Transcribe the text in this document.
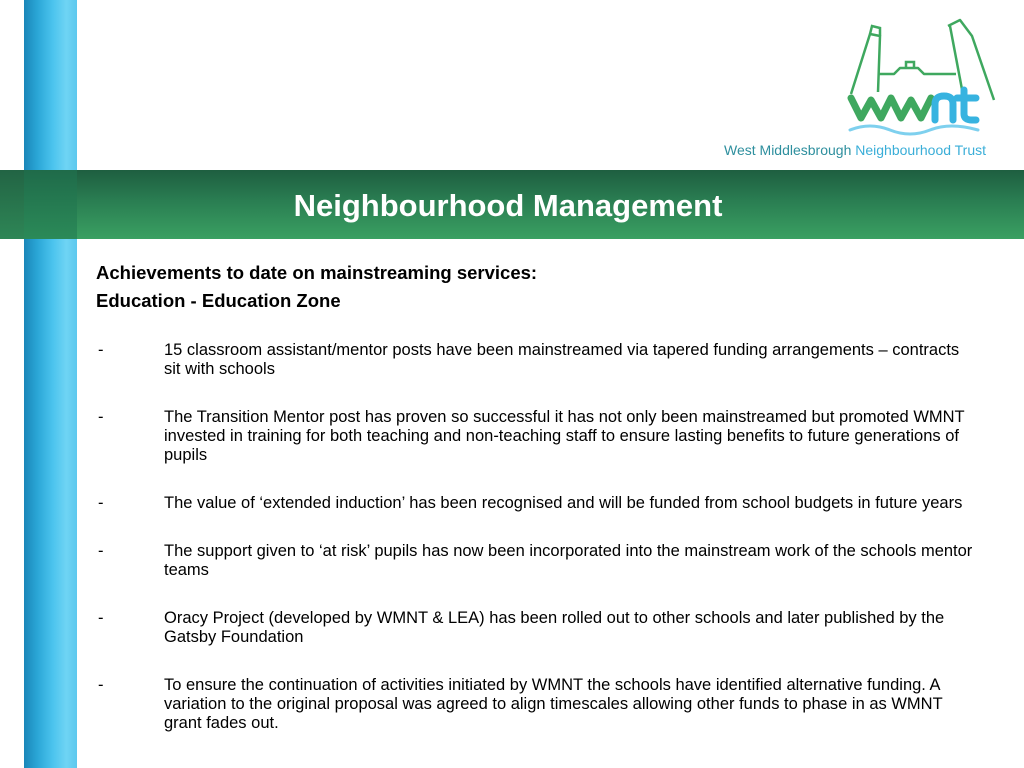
Neighbourhood Management
West Middlesbrough Neighbourhood Trust
Achievements to date on mainstreaming services:
Education - Education Zone
-	15 classroom assistant/mentor posts have been mainstreamed via tapered funding arrangements – contracts sit with schools
-	The Transition Mentor post has proven so successful it has not only been mainstreamed but promoted WMNT invested in training for both teaching and non-teaching staff to ensure lasting benefits to future generations of pupils
-	The value of ‘extended induction’ has been recognised and will be funded from school budgets in future years
-	The support given to ‘at risk’ pupils has now been incorporated into the mainstream work of the schools mentor teams
-	Oracy Project (developed by WMNT & LEA) has been rolled out to other schools and later published by the Gatsby Foundation
-	To ensure the continuation of activities initiated by WMNT the schools have identified alternative funding. A variation to the original proposal was agreed to align timescales allowing other funds to phase in as WMNT grant fades out.
